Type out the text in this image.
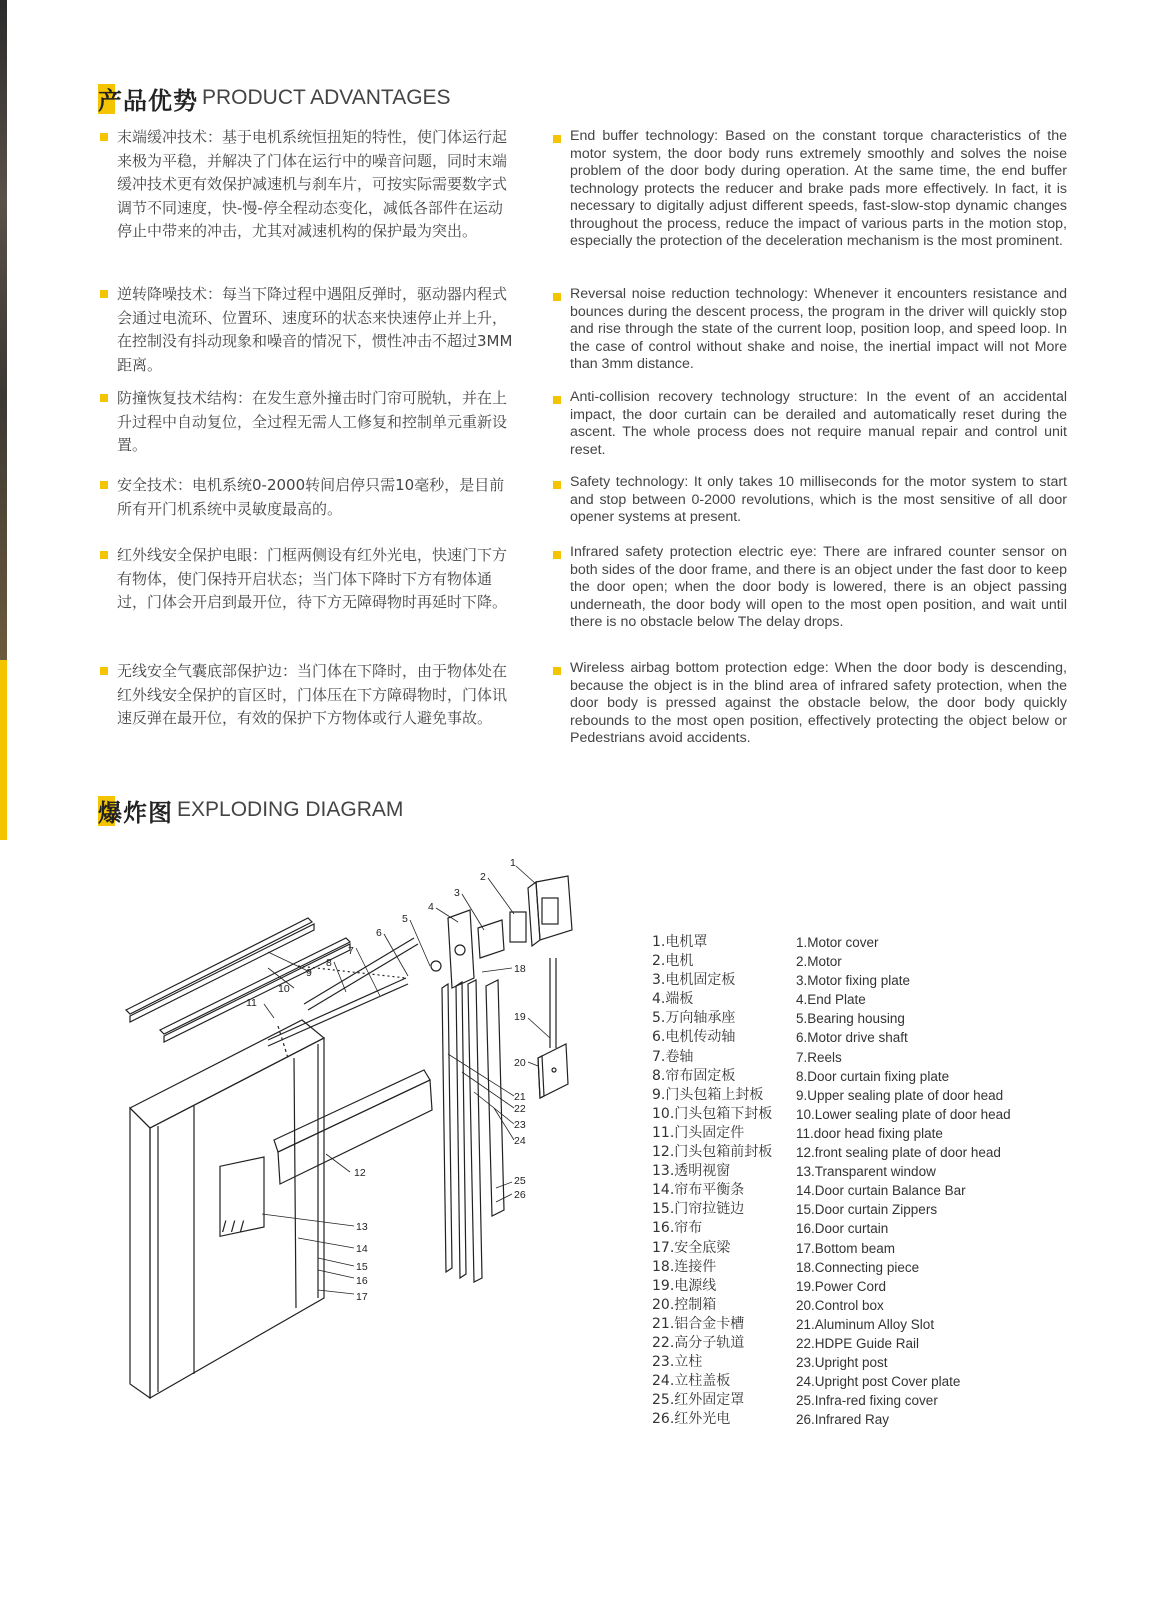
产品优势 PRODUCT ADVANTAGES
末端缓冲技术：基于电机系统恒扭矩的特性，使门体运行起来极为平稳，并解决了门体在运行中的噪音问题，同时末端缓冲技术更有效保护减速机与刹车片，可按实际需要数字式调节不同速度，快-慢-停全程动态变化，减低各部件在运动停止中带来的冲击，尤其对减速机构的保护最为突出。
逆转降噪技术：每当下降过程中遇阻反弹时，驱动器内程式会通过电流环、位置环、速度环的状态来快速停止并上升，在控制没有抖动现象和噪音的情况下，惯性冲击不超过3MM距离。
防撞恢复技术结构：在发生意外撞击时门帘可脱轨，并在上升过程中自动复位，全过程无需人工修复和控制单元重新设置。
安全技术：电机系统0-2000转间启停只需10毫秒，是目前所有开门机系统中灵敏度最高的。
红外线安全保护电眼：门框两侧设有红外光电，快速门下方有物体，使门保持开启状态；当门体下降时下方有物体通过，门体会开启到最开位，待下方无障碍物时再延时下降。
无线安全气囊底部保护边：当门体在下降时，由于物体处在红外线安全保护的盲区时，门体压在下方障碍物时，门体讯速反弹在最开位，有效的保护下方物体或行人避免事故。
End buffer technology: Based on the constant torque characteristics of the motor system, the door body runs extremely smoothly and solves the noise problem of the door body during operation. At the same time, the end buffer technology protects the reducer and brake pads more effectively. In fact, it is necessary to digitally adjust different speeds, fast-slow-stop dynamic changes throughout the process, reduce the impact of various parts in the motion stop, especially the protection of the deceleration mechanism is the most prominent.
Reversal noise reduction technology: Whenever it encounters resistance and bounces during the descent process, the program in the driver will quickly stop and rise through the state of the current loop, position loop, and speed loop. In the case of control without shake and noise, the inertial impact will not More than 3mm distance.
Anti-collision recovery technology structure: In the event of an accidental impact, the door curtain can be derailed and automatically reset during the ascent. The whole process does not require manual repair and control unit reset.
Safety technology: It only takes 10 milliseconds for the motor system to start and stop between 0-2000 revolutions, which is the most sensitive of all door opener systems at present.
Infrared safety protection electric eye: There are infrared counter sensor on both sides of the door frame, and there is an object under the fast door to keep the door open; when the door body is lowered, there is an object passing underneath, the door body will open to the most open position, and wait until there is no obstacle below The delay drops.
Wireless airbag bottom protection edge: When the door body is descending, because the object is in the blind area of infrared safety protection, when the door body is pressed against the obstacle below, the door body quickly rebounds to the most open position, effectively protecting the object below or Pedestrians avoid accidents.
爆炸图 EXPLODING DIAGRAM
/ / /
1
2
3
4
5
6
7
8
9
10
11
12
13
14
15
16
17
18
19
20
21
22
23
24
25
26
1.电机罩	1.Motor cover
2.电机	2.Motor
3.电机固定板	3.Motor fixing plate
4.端板	4.End Plate
5.万向轴承座	5.Bearing housing
6.电机传动轴	6.Motor drive shaft
7.卷轴	7.Reels
8.帘布固定板	8.Door curtain fixing plate
9.门头包箱上封板	9.Upper sealing plate of door head
10.门头包箱下封板	10.Lower sealing plate of door head
11.门头固定件	11.door head fixing plate
12.门头包箱前封板	12.front sealing plate of door head
13.透明视窗	13.Transparent window
14.帘布平衡条	14.Door curtain Balance Bar
15.门帘拉链边	15.Door curtain Zippers
16.帘布	16.Door curtain
17.安全底梁	17.Bottom beam
18.连接件	18.Connecting piece
19.电源线	19.Power Cord
20.控制箱	20.Control box
21.铝合金卡槽	21.Aluminum Alloy Slot
22.高分子轨道	22.HDPE Guide Rail
23.立柱	23.Upright post
24.立柱盖板	24.Upright post Cover plate
25.红外固定罩	25.Infra-red fixing cover
26.红外光电	26.Infrared Ray
